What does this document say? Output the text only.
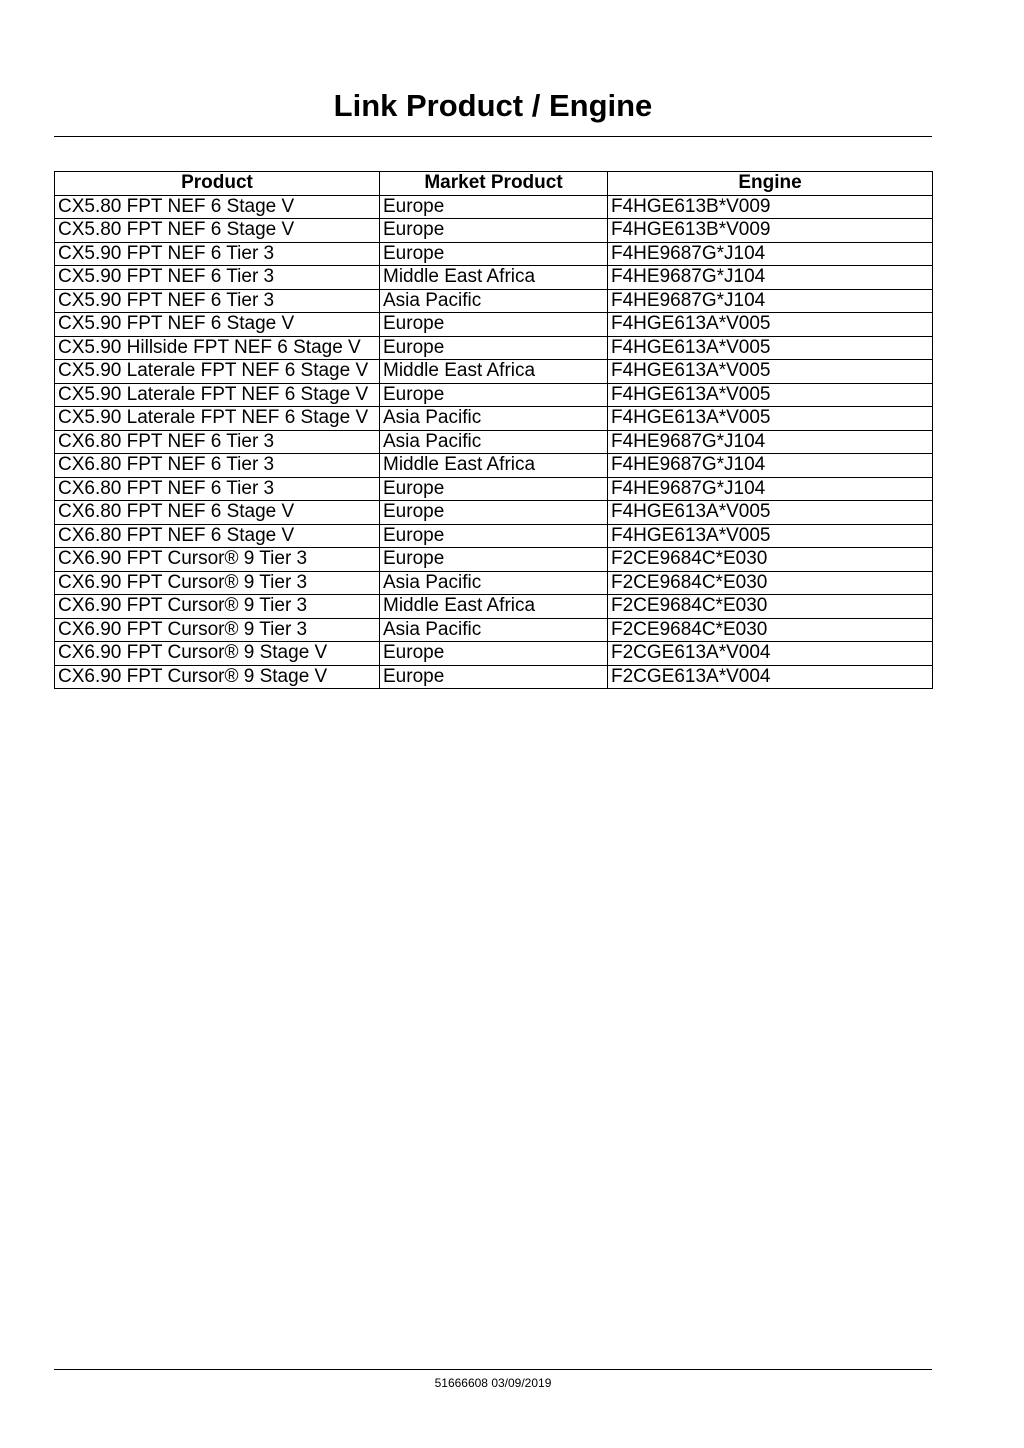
Link Product / Engine
Product	Market Product	Engine
CX5.80 FPT NEF 6 Stage V	Europe	F4HGE613B*V009
CX5.80 FPT NEF 6 Stage V	Europe	F4HGE613B*V009
CX5.90 FPT NEF 6 Tier 3	Europe	F4HE9687G*J104
CX5.90 FPT NEF 6 Tier 3	Middle East Africa	F4HE9687G*J104
CX5.90 FPT NEF 6 Tier 3	Asia Pacific	F4HE9687G*J104
CX5.90 FPT NEF 6 Stage V	Europe	F4HGE613A*V005
CX5.90 Hillside FPT NEF 6 Stage V	Europe	F4HGE613A*V005
CX5.90 Laterale FPT NEF 6 Stage V	Middle East Africa	F4HGE613A*V005
CX5.90 Laterale FPT NEF 6 Stage V	Europe	F4HGE613A*V005
CX5.90 Laterale FPT NEF 6 Stage V	Asia Pacific	F4HGE613A*V005
CX6.80 FPT NEF 6 Tier 3	Asia Pacific	F4HE9687G*J104
CX6.80 FPT NEF 6 Tier 3	Middle East Africa	F4HE9687G*J104
CX6.80 FPT NEF 6 Tier 3	Europe	F4HE9687G*J104
CX6.80 FPT NEF 6 Stage V	Europe	F4HGE613A*V005
CX6.80 FPT NEF 6 Stage V	Europe	F4HGE613A*V005
CX6.90 FPT Cursor® 9 Tier 3	Europe	F2CE9684C*E030
CX6.90 FPT Cursor® 9 Tier 3	Asia Pacific	F2CE9684C*E030
CX6.90 FPT Cursor® 9 Tier 3	Middle East Africa	F2CE9684C*E030
CX6.90 FPT Cursor® 9 Tier 3	Asia Pacific	F2CE9684C*E030
CX6.90 FPT Cursor® 9 Stage V	Europe	F2CGE613A*V004
CX6.90 FPT Cursor® 9 Stage V	Europe	F2CGE613A*V004
51666608 03/09/2019
